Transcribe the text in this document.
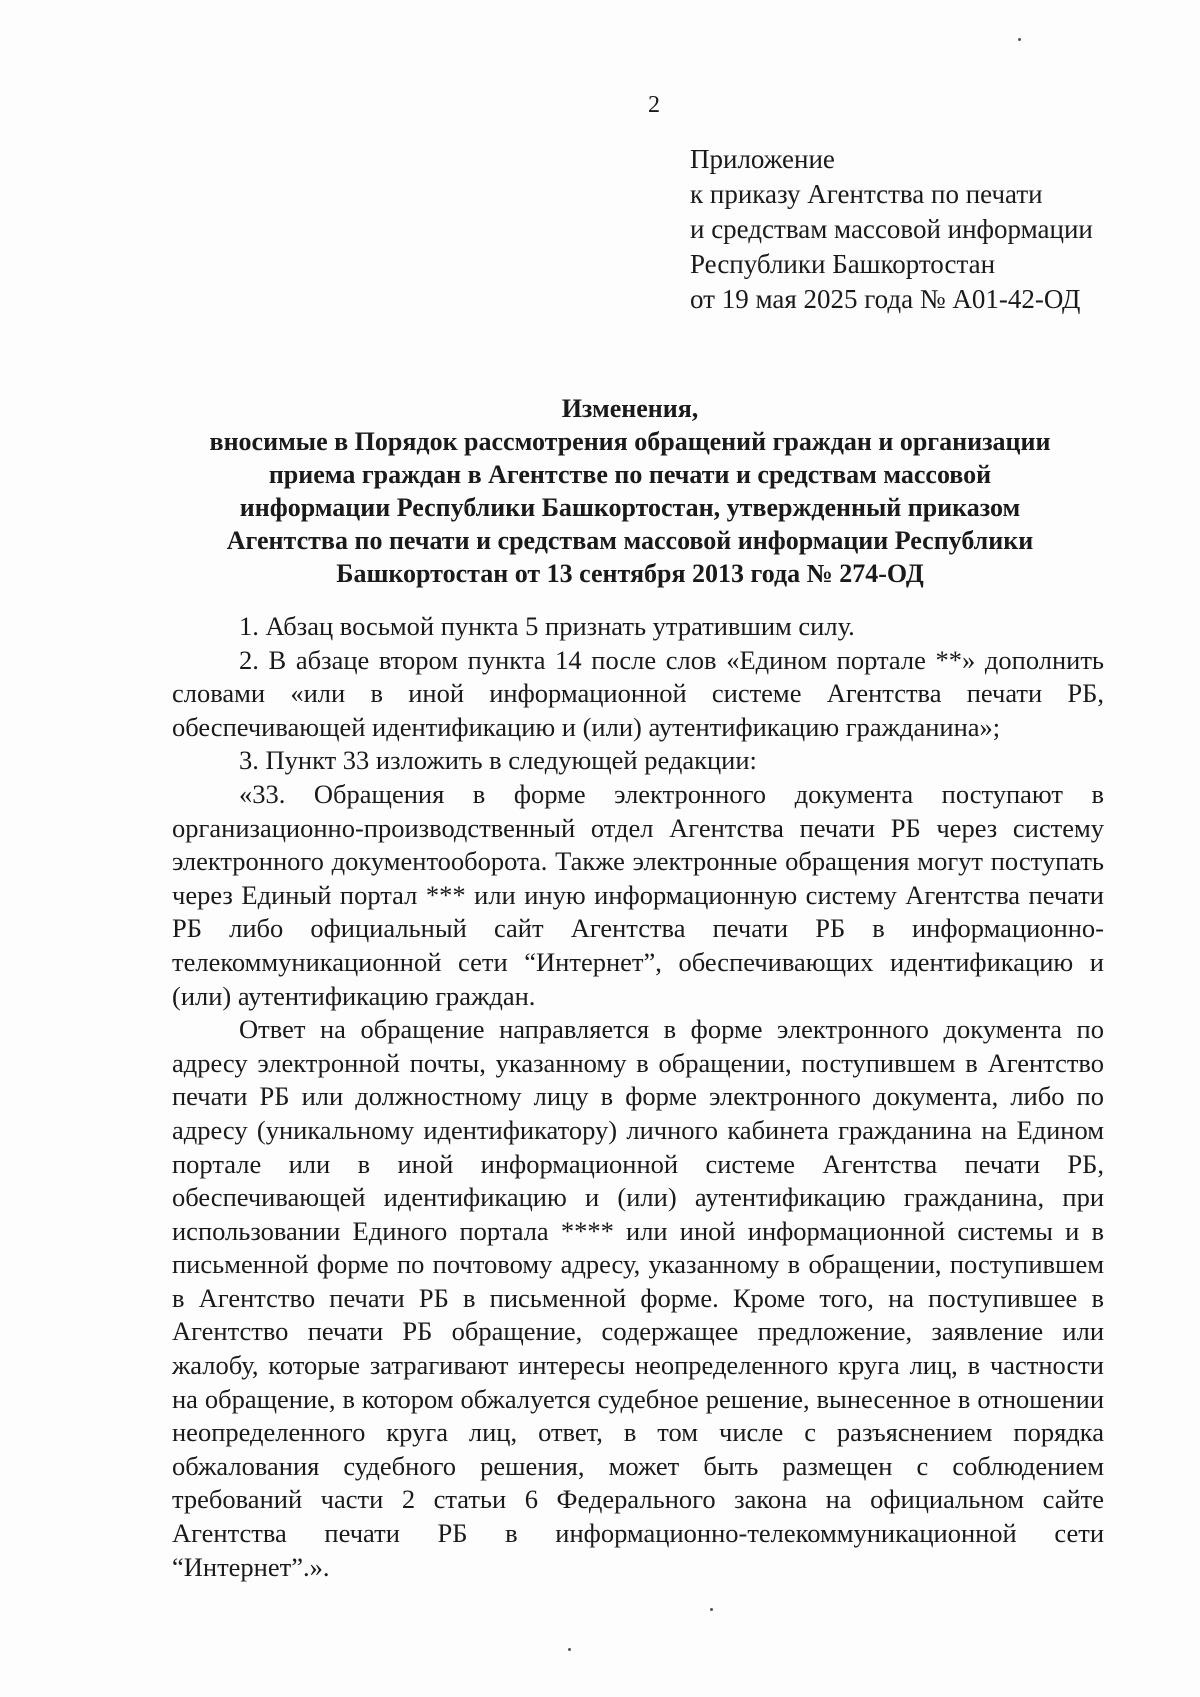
2
Приложение
к приказу Агентства по печати
и средствам массовой информации
Республики Башкортостан
от 19 мая 2025 года № А01-42-ОД
Изменения,
вносимые в Порядок рассмотрения обращений граждан и организации
приема граждан в Агентстве по печати и средствам массовой
информации Республики Башкортостан, утвержденный приказом
Агентства по печати и средствам массовой информации Республики
Башкортостан от 13 сентября 2013 года № 274-ОД

1. Абзац восьмой пункта 5 признать утратившим силу.

2. В абзаце втором пункта 14 после слов «Едином портале **» дополнить словами «или в иной информационной системе Агентства печати РБ, обеспечивающей идентификацию и (или) аутентификацию гражданина»;

3. Пункт 33 изложить в следующей редакции:

«33. Обращения в форме электронного документа поступают в организационно-производственный отдел Агентства печати РБ через систему электронного документооборота. Также электронные обращения могут поступать через Единый портал *** или иную информационную систему Агентства печати РБ либо официальный сайт Агентства печати РБ в информационно-телекоммуникационной сети “Интернет”, обеспечивающих идентификацию и (или) аутентификацию граждан.

Ответ на обращение направляется в форме электронного документа по адресу электронной почты, указанному в обращении, поступившем в Агентство печати РБ или должностному лицу в форме электронного документа, либо по адресу (уникальному идентификатору) личного кабинета гражданина на Едином портале или в иной информационной системе Агентства печати РБ, обеспечивающей идентификацию и (или) аутентификацию гражданина, при использовании Единого портала **** или иной информационной системы и в письменной форме по почтовому адресу, указанному в обращении, поступившем в Агентство печати РБ в письменной форме. Кроме того, на поступившее в Агентство печати РБ обращение, содержащее предложение, заявление или жалобу, которые затрагивают интересы неопределенного круга лиц, в частности на обращение, в котором обжалуется судебное решение, вынесенное в отношении неопределенного круга лиц, ответ, в том числе с разъяснением порядка обжалования судебного решения, может быть размещен с соблюдением требований части 2 статьи 6 Федерального закона на официальном сайте Агентства печати РБ в информационно-телекоммуникационной сети “Интернет”.».
